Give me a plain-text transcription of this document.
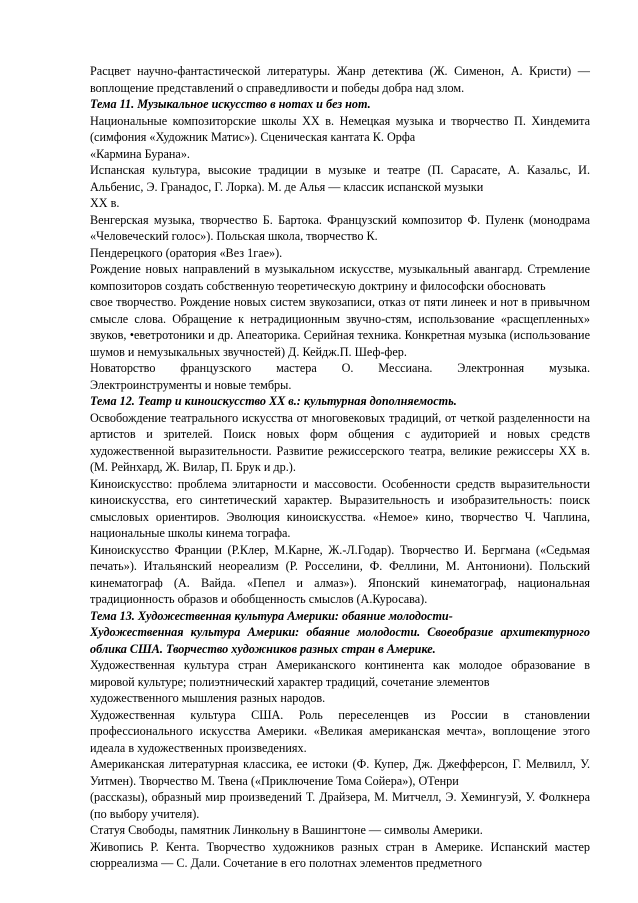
Расцвет научно-фантастической литературы. Жанр детектива (Ж. Сименон, А. Кристи) — воплощение представлений о справедливости и победы добра над злом.

Тема 11. Музыкальное искусство в нотах и без нот.

Национальные композиторские школы XX в. Немецкая музыка и творчество П. Хиндемита (симфония «Художник Матис»). Сценическая кантата К. Орфа

«Кармина Бурана».

Испанская культура, высокие традиции в музыке и театре (П. Сарасате, А. Казальс, И. Альбенис, Э. Гранадос, Г. Лорка). М. де Алья — классик испанской музыки

XX в.

Венгерская музыка, творчество Б. Бартока. Французский композитор Ф. Пуленк (монодрама «Человеческий голос»). Польская школа, творчество К.

Пендерецкого (оратория «Вез 1гае»).

Рождение новых направлений в музыкальном искусстве, музыкальный авангард. Стремление композиторов создать собственную теоретическую доктрину и философски обосновать

свое творчество. Рождение новых систем звукозаписи, отказ от пяти линеек и нот в привычном смысле слова. Обращение к нетрадиционным звучно-стям, использование «расщепленных» звуков, •еветротоники и др. Апеаторика. Серийная техника. Конкретная музыка (использование шумов и немузыкальных звучностей) Д. Кейдж.П. Шеф-фер.

Новаторство французского мастера О. Мессиана. Электронная музыка.

Электроинструменты и новые тембры.

Тема 12. Театр и киноискусство XX в.: культурная дополняемость.

Освобождение театрального искусства от многовековых традиций, от четкой разделенности на артистов и зрителей. Поиск новых форм общения с аудиторией и новых средств художественной выразительности. Развитие режиссерского театра, великие режиссеры XX в. (М. Рейнхард, Ж. Вилар, П. Брук и др.).

Киноискусство: проблема элитарности и массовости. Особенности средств выразительности киноискусства, его синтетический характер. Выразительность и изобразительность: поиск смысловых ориентиров. Эволюция киноискусства. «Немое» кино, творчество Ч. Чаплина, национальные школы кинема тографа.

Киноискусство Франции (Р.Клер, М.Карне, Ж.-Л.Годар). Творчество И. Бергмана («Седьмая печать»). Итальянский неореализм (Р. Росселини, Ф. Феллини, М. Антониони). Польский кинематограф (А. Вайда. «Пепел и алмаз»). Японский кинематограф, национальная традиционность образов и обобщенность смыслов (А.Куросава).

Тема 13. Художественная культура Америки: обаяние молодости-

Художественная культура Америки: обаяние молодости. Своеобразие архитектурного облика США. Творчество художников разных стран в Америке.

Художественная культура стран Американского континента как молодое образование в мировой культуре; полиэтнический характер традиций, сочетание элементов

художественного мышления разных народов.

Художественная культура США. Роль переселенцев из России в становлении профессионального искусства Америки. «Великая американская мечта», воплощение этого идеала в художественных произведениях.

Американская литературная классика, ее истоки (Ф. Купер, Дж. Джефферсон, Г. Мелвилл, У. Уитмен). Творчество М. Твена («Приключение Тома Сойера»), ОТенри

(рассказы), образный мир произведений Т. Драйзера, М. Митчелл, Э. Хемингуэй, У. Фолкнера (по выбору учителя).

Статуя Свободы, памятник Линкольну в Вашингтоне — символы Америки.

Живопись Р. Кента. Творчество художников разных стран в Америке. Испанский мастер сюрреализма — С. Дали. Сочетание в его полотнах элементов предметного
